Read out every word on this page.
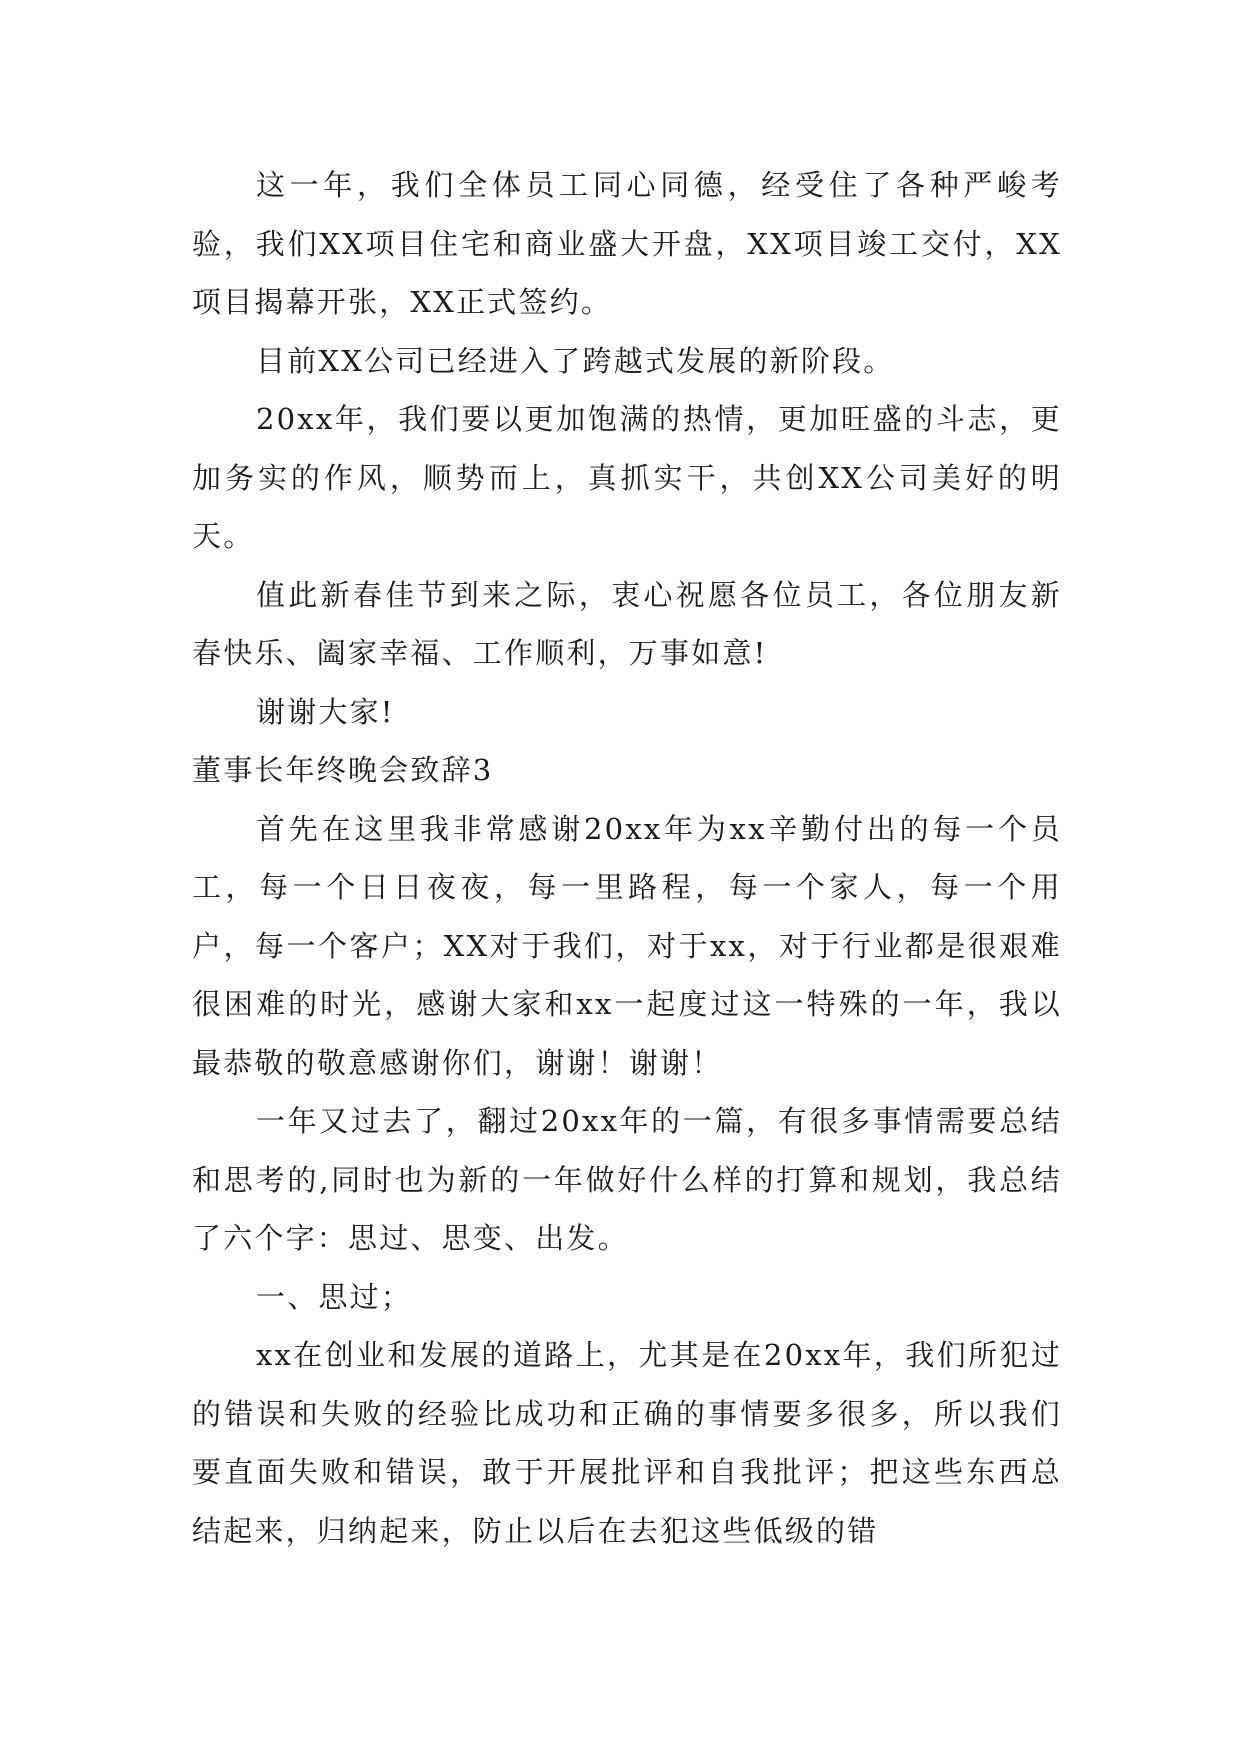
这一年，我们全体员工同心同德，经受住了各种严峻考验，我们XX项目住宅和商业盛大开盘，XX项目竣工交付，XX项目揭幕开张，XX正式签约。

目前XX公司已经进入了跨越式发展的新阶段。

20xx年，我们要以更加饱满的热情，更加旺盛的斗志，更加务实的作风，顺势而上，真抓实干，共创XX公司美好的明天。

值此新春佳节到来之际，衷心祝愿各位员工，各位朋友新春快乐、阖家幸福、工作顺利，万事如意!

谢谢大家!

董事长年终晚会致辞3

首先在这里我非常感谢20xx年为xx辛勤付出的每一个员工，每一个日日夜夜，每一里路程，每一个家人，每一个用户，每一个客户；XX对于我们，对于xx，对于行业都是很艰难很困难的时光，感谢大家和xx一起度过这一特殊的一年，我以最恭敬的敬意感谢你们，谢谢！谢谢！

一年又过去了，翻过20xx年的一篇，有很多事情需要总结和思考的,同时也为新的一年做好什么样的打算和规划，我总结了六个字：思过、思变、出发。

一、思过；

xx在创业和发展的道路上，尤其是在20xx年，我们所犯过的错误和失败的经验比成功和正确的事情要多很多，所以我们要直面失败和错误，敢于开展批评和自我批评；把这些东西总结起来，归纳起来，防止以后在去犯这些低级的错
